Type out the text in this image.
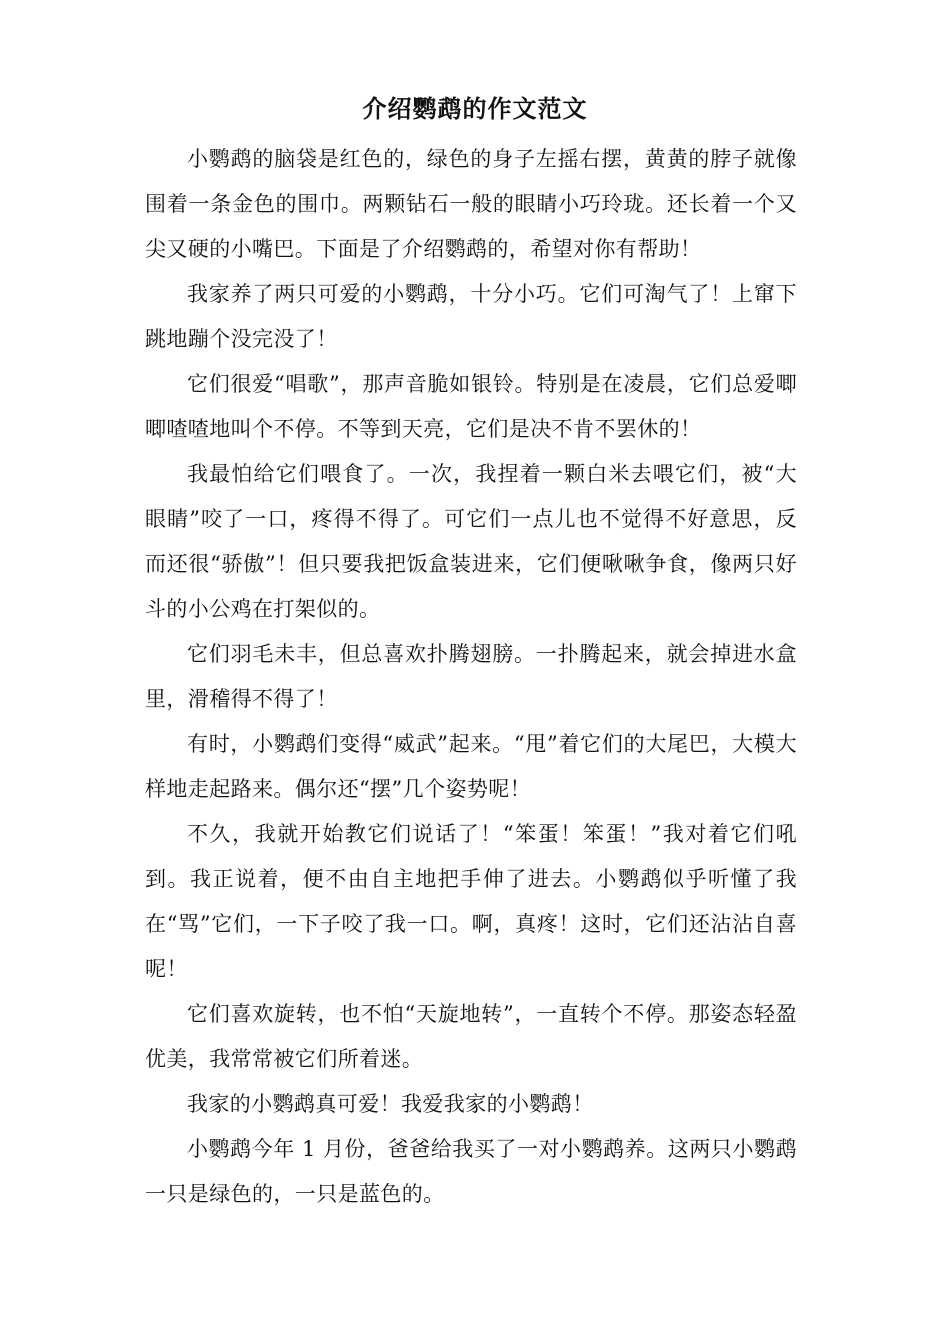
介绍鹦鹉的作文范文

小鹦鹉的脑袋是红色的，绿色的身子左摇右摆，黄黄的脖子就像围着一条金色的围巾。两颗钻石一般的眼睛小巧玲珑。还长着一个又尖又硬的小嘴巴。下面是了介绍鹦鹉的，希望对你有帮助！

我家养了两只可爱的小鹦鹉，十分小巧。它们可淘气了！上窜下跳地蹦个没完没了！

它们很爱“唱歌”，那声音脆如银铃。特别是在凌晨，它们总爱唧唧喳喳地叫个不停。不等到天亮，它们是决不肯不罢休的！

我最怕给它们喂食了。一次，我捏着一颗白米去喂它们，被“大眼睛”咬了一口，疼得不得了。可它们一点儿也不觉得不好意思，反而还很“骄傲”！但只要我把饭盒装进来，它们便啾啾争食，像两只好斗的小公鸡在打架似的。

它们羽毛未丰，但总喜欢扑腾翅膀。一扑腾起来，就会掉进水盒里，滑稽得不得了！

有时，小鹦鹉们变得“威武”起来。“甩”着它们的大尾巴，大模大样地走起路来。偶尔还“摆”几个姿势呢！

不久，我就开始教它们说话了！“笨蛋！笨蛋！”我对着它们吼到。我正说着，便不由自主地把手伸了进去。小鹦鹉似乎听懂了我在“骂”它们，一下子咬了我一口。啊，真疼！这时，它们还沾沾自喜呢！

它们喜欢旋转，也不怕“天旋地转”，一直转个不停。那姿态轻盈优美，我常常被它们所着迷。

我家的小鹦鹉真可爱！我爱我家的小鹦鹉！

小鹦鹉今年 1 月份，爸爸给我买了一对小鹦鹉养。这两只小鹦鹉一只是绿色的，一只是蓝色的。
